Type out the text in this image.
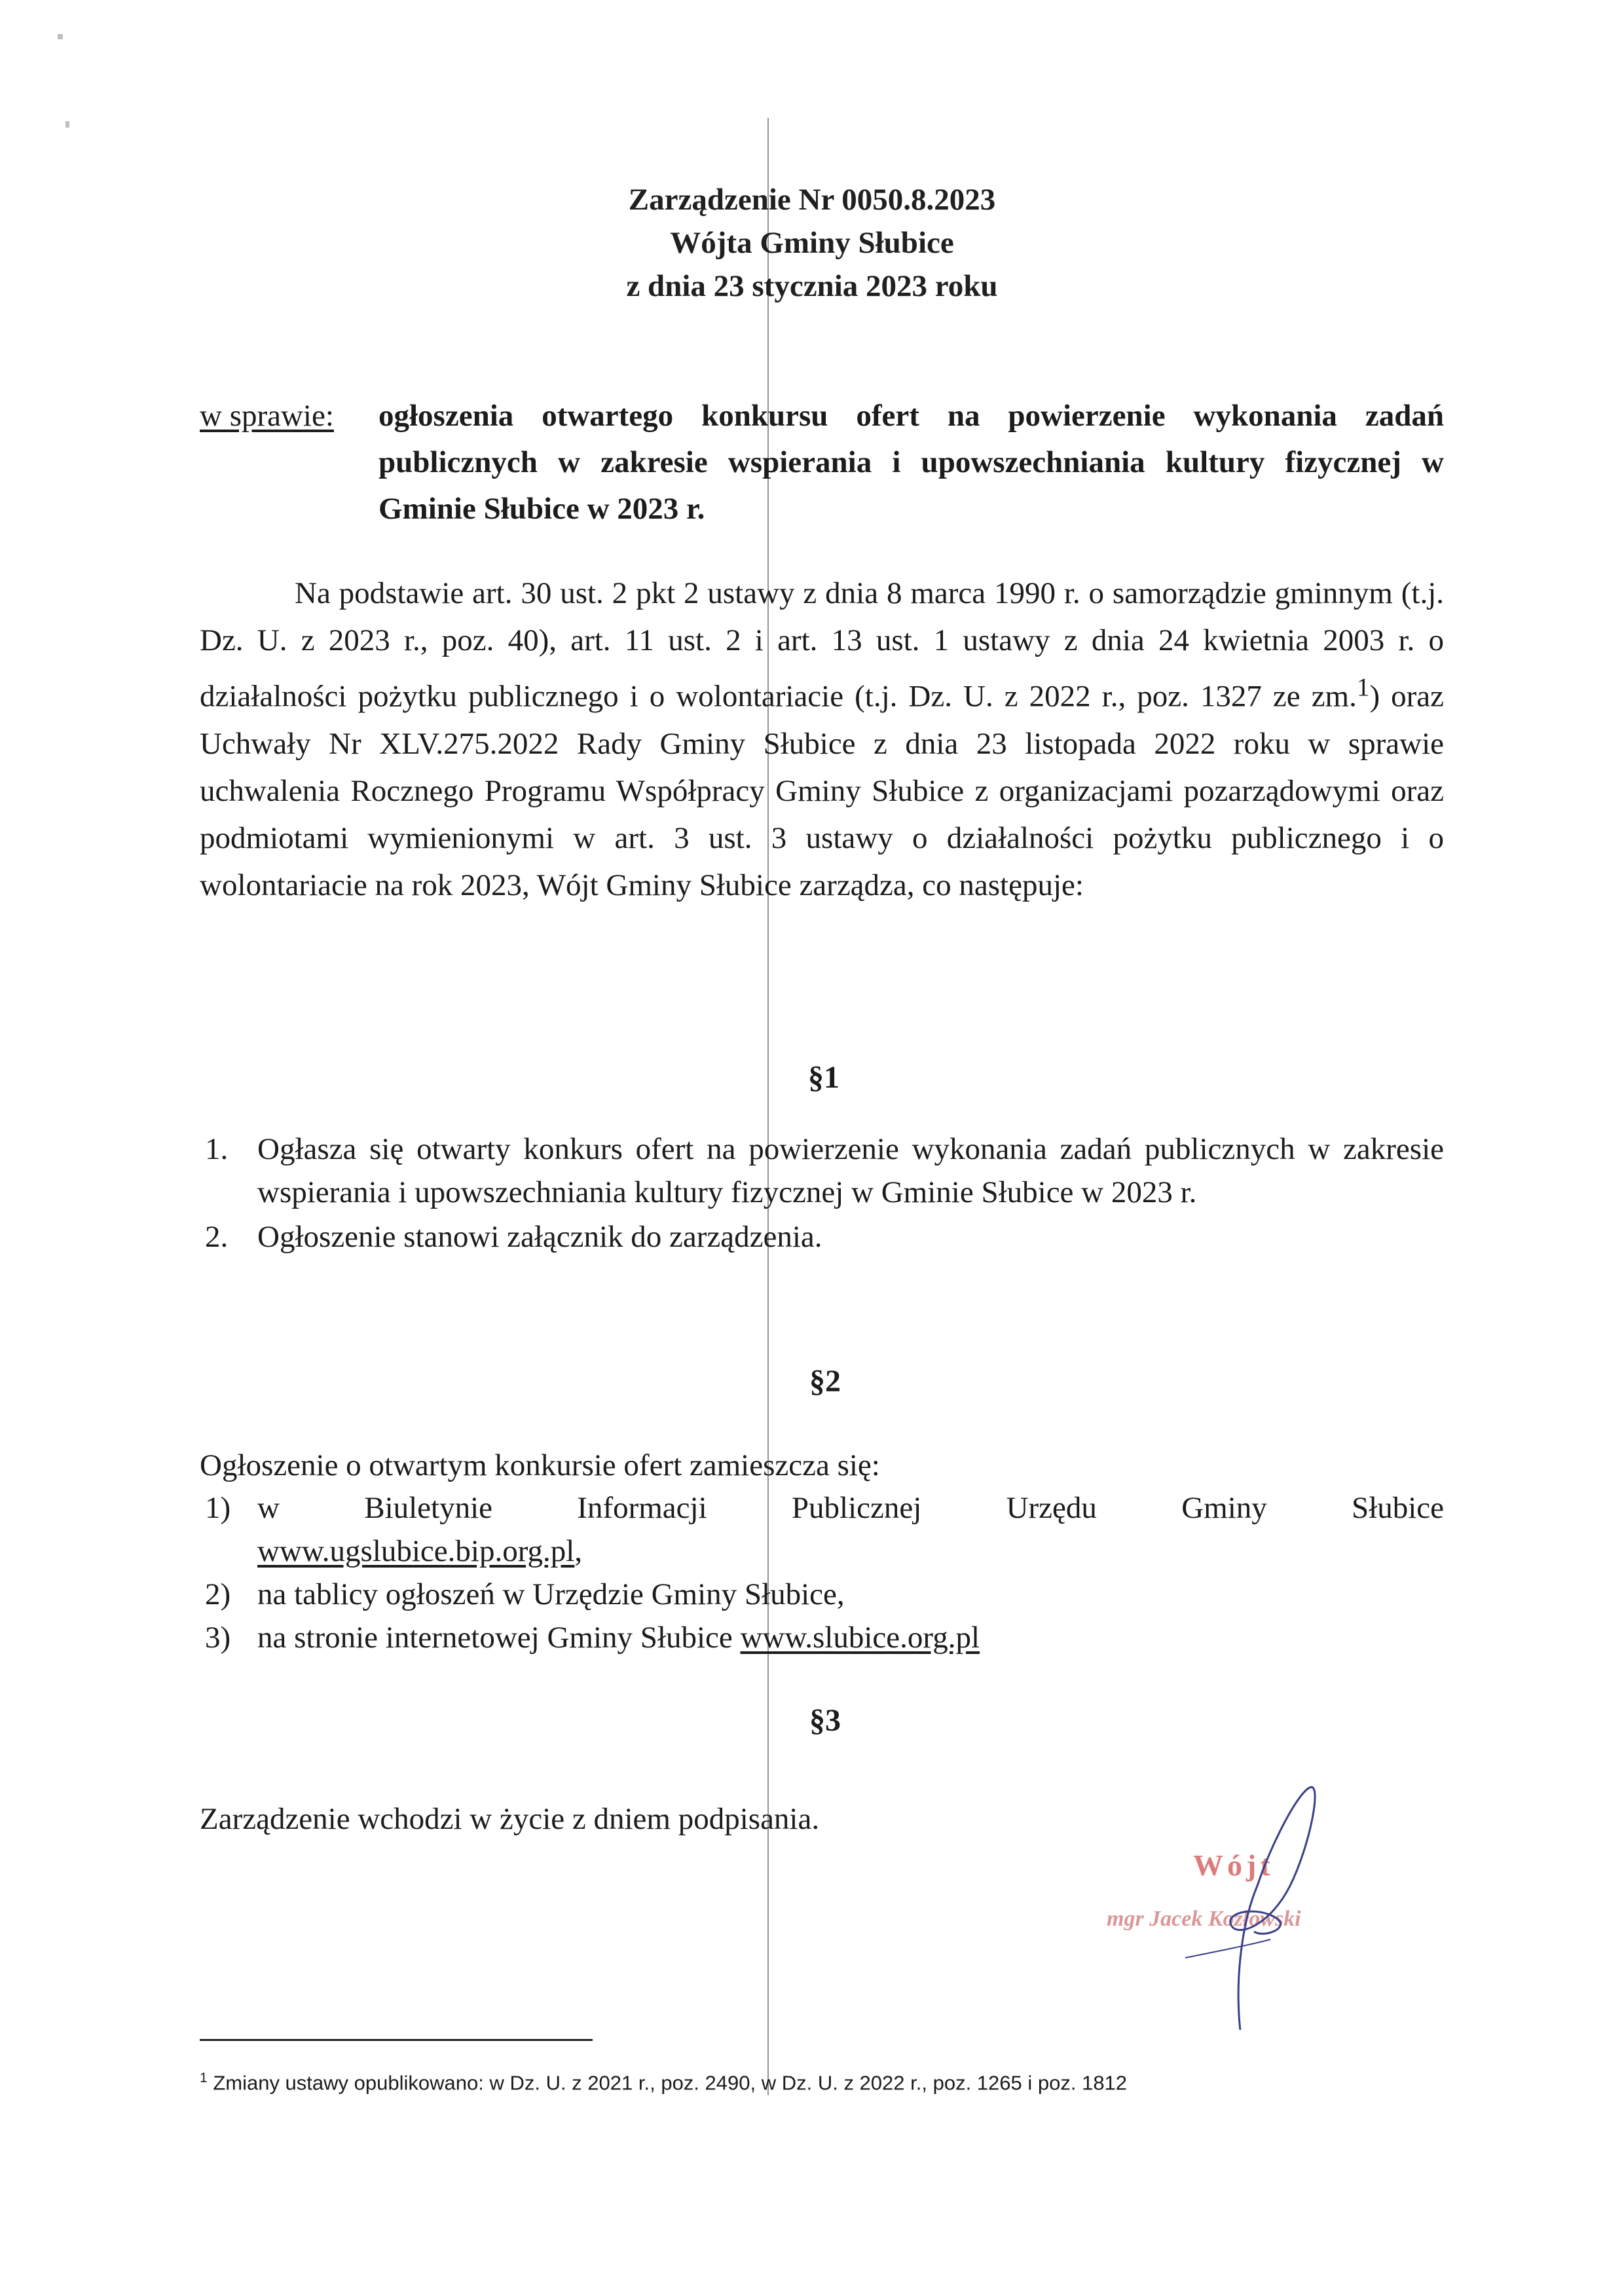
Zarządzenie Nr 0050.8.2023
Wójta Gminy Słubice
z dnia 23 stycznia 2023 roku
w sprawie: ogłoszenia otwartego konkursu ofert na powierzenie wykonania zadań publicznych w zakresie wspierania i upowszechniania kultury fizycznej w Gminie Słubice w 2023 r.
Na podstawie art. 30 ust. 2 pkt 2 ustawy z dnia 8 marca 1990 r. o samorządzie gminnym (t.j. Dz. U. z 2023 r., poz. 40), art. 11 ust. 2 i art. 13 ust. 1 ustawy z dnia 24 kwietnia 2003 r. o działalności pożytku publicznego i o wolontariacie (t.j. Dz. U. z 2022 r., poz. 1327 ze zm.$^1$) oraz Uchwały Nr XLV.275.2022 Rady Gminy Słubice z dnia 23 listopada 2022 roku w sprawie uchwalenia Rocznego Programu Współpracy Gminy Słubice z organizacjami pozarządowymi oraz podmiotami wymienionymi w art. 3 ust. 3 ustawy o działalności pożytku publicznego i o wolontariacie na rok 2023, Wójt Gminy Słubice zarządza, co następuje:
§1
1. Ogłasza się otwarty konkurs ofert na powierzenie wykonania zadań publicznych w zakresie wspierania i upowszechniania kultury fizycznej w Gminie Słubice w 2023 r.
2. Ogłoszenie stanowi załącznik do zarządzenia.
§2
Ogłoszenie o otwartym konkursie ofert zamieszcza się:
1) w	Biuletynie	Informacji	Publicznej	Urzędu	Gminy	Słubice
www.ugslubice.bip.org.pl,
2) na tablicy ogłoszeń w Urzędzie Gminy Słubice,
3) na stronie internetowej Gminy Słubice www.slubice.org.pl
§3
Zarządzenie wchodzi w życie z dniem podpisania.
Wójt
mgr Jacek Kozłowski
$^1$ Zmiany ustawy opublikowano: w Dz. U. z 2021 r., poz. 2490, w Dz. U. z 2022 r., poz. 1265 i poz. 1812
